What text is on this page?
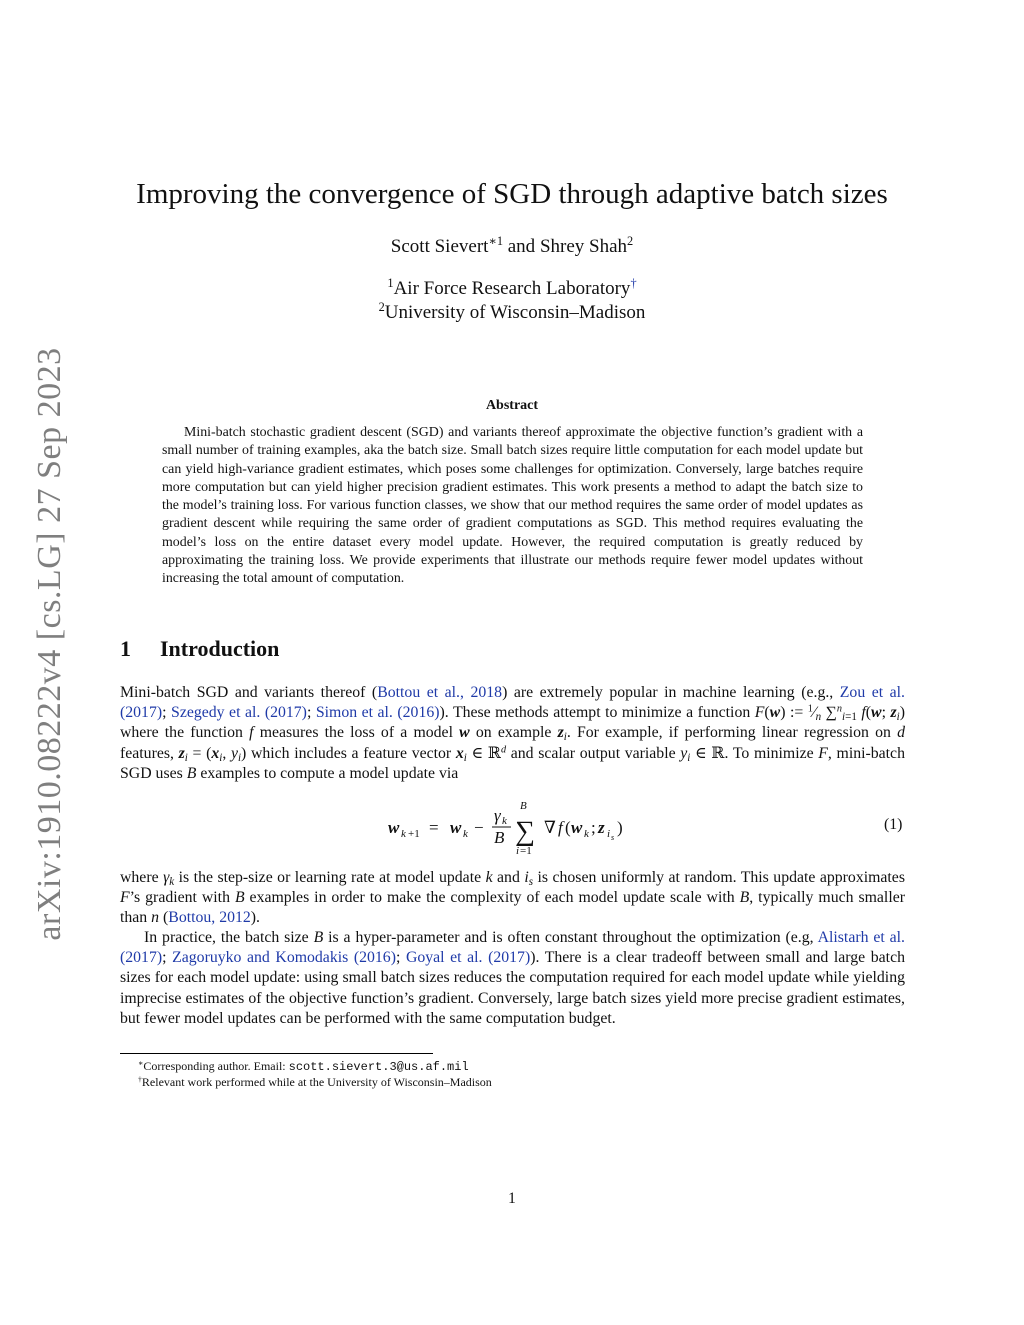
arXiv:1910.08222v4 [cs.LG] 27 Sep 2023
Improving the convergence of SGD through adaptive batch sizes
Scott Sievert$^{∗1}$ and Shrey Shah$^2$
$^1$Air Force Research Laboratory†
$^2$University of Wisconsin–Madison
Abstract
Mini-batch stochastic gradient descent (SGD) and variants thereof approximate the objective function’s gradient with a small number of training examples, aka the batch size. Small batch sizes require little computation for each model update but can yield high-variance gradient estimates, which poses some challenges for optimization. Conversely, large batches require more computation but can yield higher precision gradient estimates. This work presents a method to adapt the batch size to the model’s training loss. For various function classes, we show that our method requires the same order of model updates as gradient descent while requiring the same order of gradient computations as SGD. This method requires evaluating the model’s loss on the entire dataset every model update. However, the required computation is greatly reduced by approximating the training loss. We provide experiments that illustrate our methods require fewer model updates without increasing the total amount of computation.
1 Introduction
Mini-batch SGD and variants thereof (Bottou et al., 2018) are extremely popular in machine learning (e.g., Zou et al. (2017); Szegedy et al. (2017); Simon et al. (2016)). These methods attempt to minimize a function F(w) := $^1⁄_n$ ∑$^n_{i=1}$ f(w; $z_i$) where the function f measures the loss of a model w on example $z_i$. For example, if performing linear regression on d features, $z_i = (x_i$, $y_i$) which includes a feature vector $x_i$ ∈ ℝ$^d$ and scalar output variable $y_i$ ∈ ℝ. To minimize F, mini-batch SGD uses B examples to compute a model update via
w k +1 = w k −
γ k
B
B
∑
i =1
∇ f ( w k ; z i s
)	(1)
where $\gamma_k$ is the step-size or learning rate at model update k and $i_s$ is chosen uniformly at random. This update approximates F’s gradient with B examples in order to make the complexity of each model update scale with B, typically much smaller than n (Bottou, 2012).
In practice, the batch size B is a hyper-parameter and is often constant throughout the optimization (e.g, Alistarh et al. (2017); Zagoruyko and Komodakis (2016); Goyal et al. (2017)). There is a clear tradeoff between small and large batch sizes for each model update: using small batch sizes reduces the computation required for each model update while yielding imprecise estimates of the objective function’s gradient. Conversely, large batch sizes yield more precise gradient estimates, but fewer model updates can be performed with the same computation budget.
∗Corresponding author. Email: scott.sievert.3@us.af.mil
†Relevant work performed while at the University of Wisconsin–Madison
1
